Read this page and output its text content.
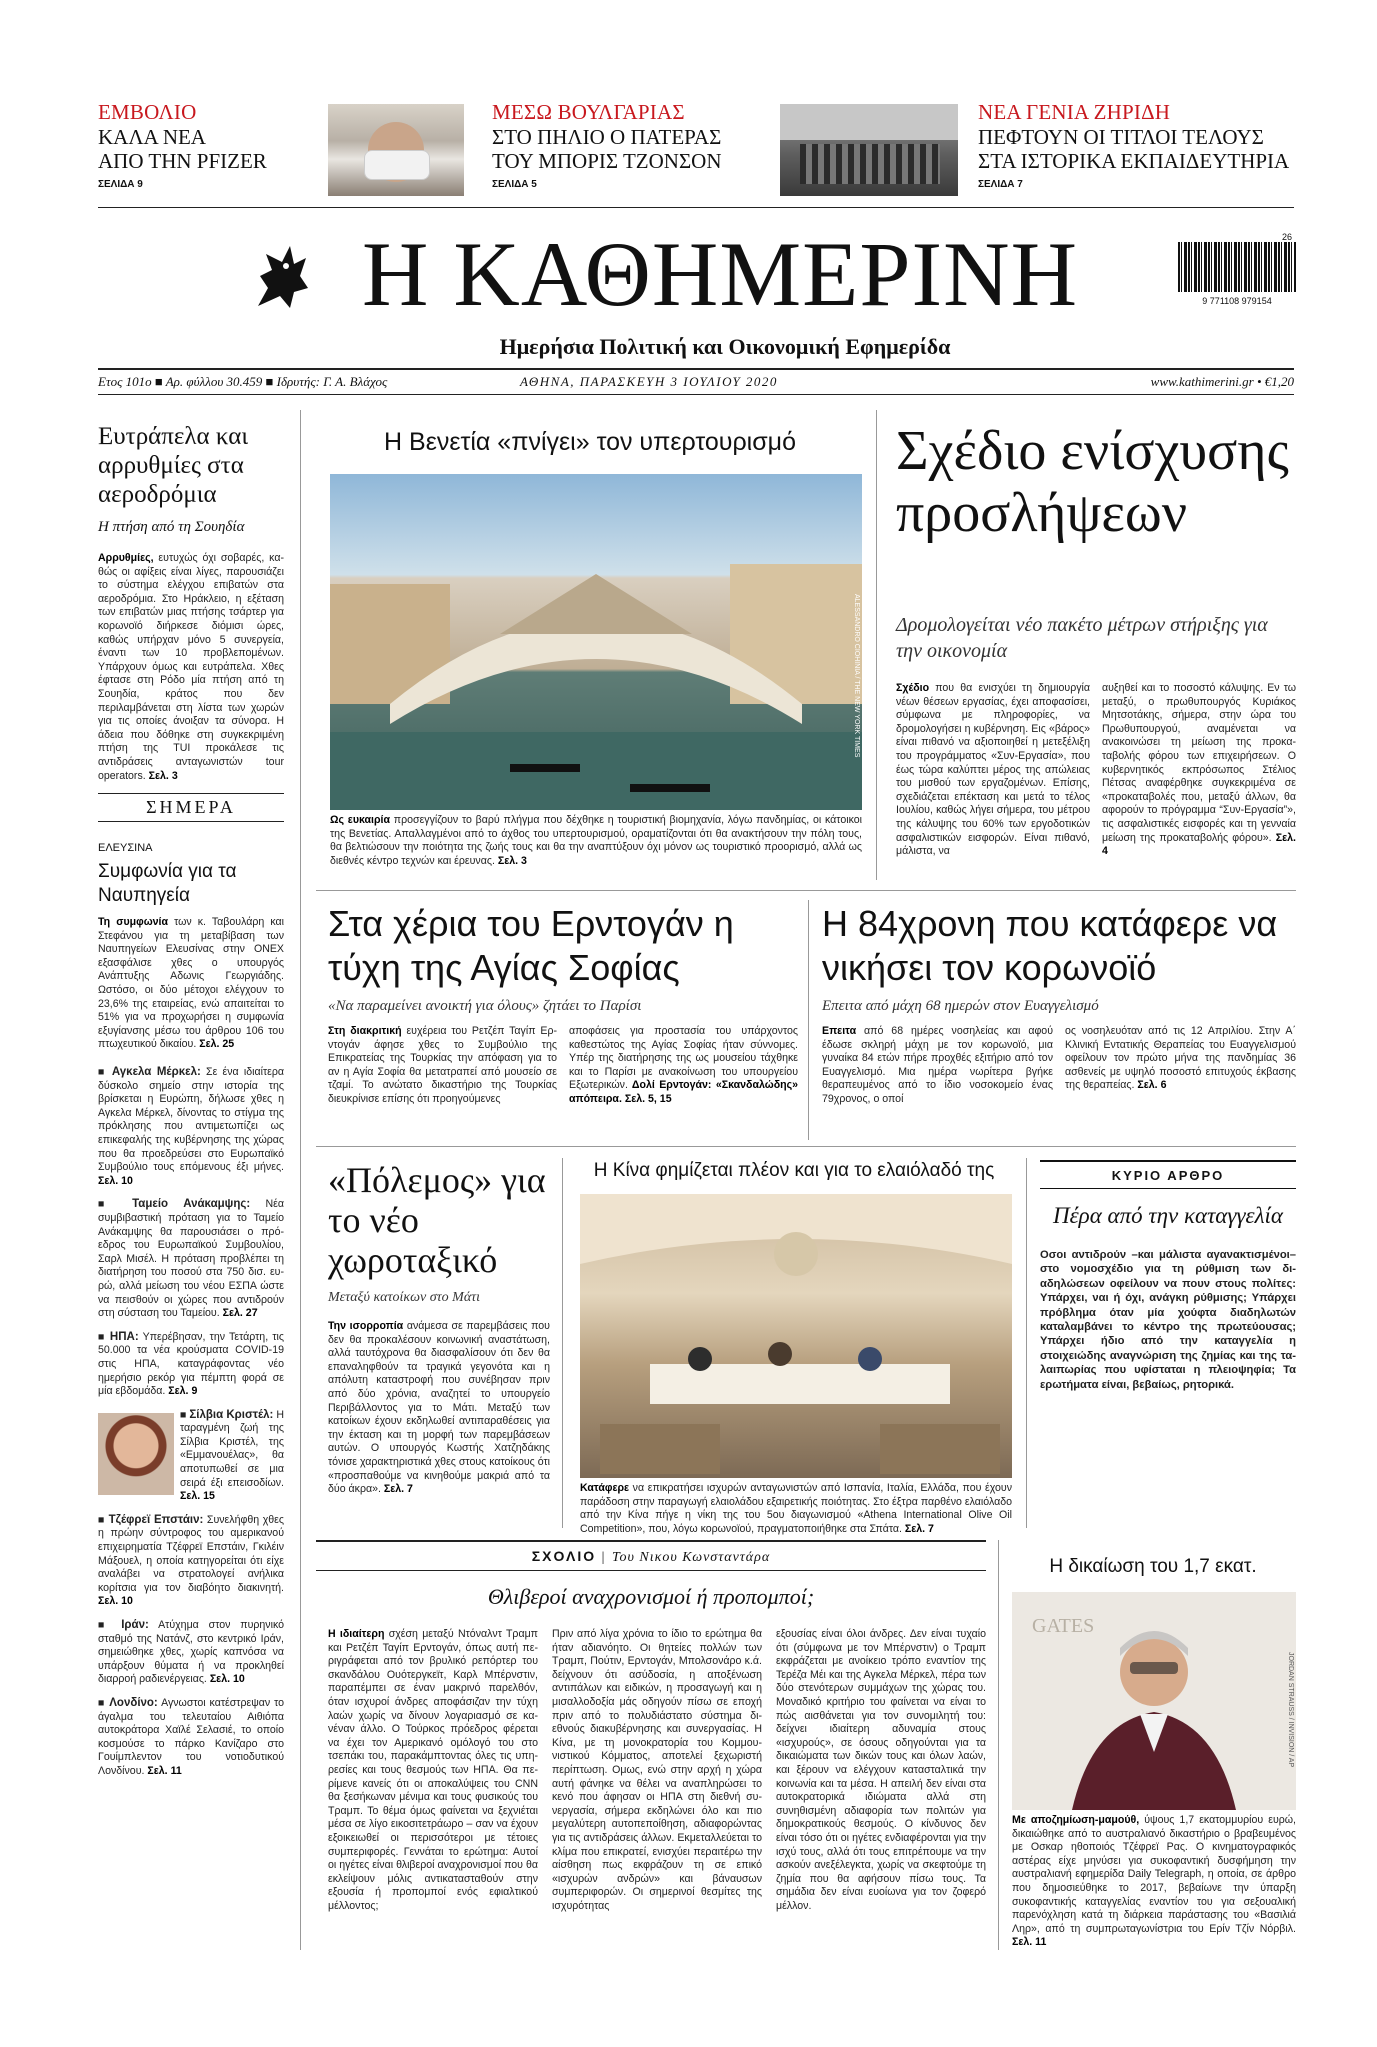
ΕΜΒΟΛΙΟ
ΚΑΛΑ ΝΕΑ
ΑΠΟ ΤΗΝ PFIZER
ΣΕΛΙΔΑ 9
ΜΕΣΩ ΒΟΥΛΓΑΡΙΑΣ
ΣΤΟ ΠΗΛΙΟ Ο ΠΑΤΕΡΑΣ
ΤΟΥ ΜΠΟΡΙΣ ΤΖΟΝΣΟΝ
ΣΕΛΙΔΑ 5
ΝΕΑ ΓΕΝΙΑ ΖΗΡΙΔΗ
ΠΕΦΤΟΥΝ ΟΙ ΤΙΤΛΟΙ ΤΕΛΟΥΣ
ΣΤΑ ΙΣΤΟΡΙΚΑ ΕΚΠΑΙΔΕΥΤΗΡΙΑ
ΣΕΛΙΔΑ 7
Η ΚΑΘΗΜΕΡΙΝΗ
Ημερήσια Πολιτική και Οικονομική Εφημερίδα
26
9 771108 979154
Ετος 101ο ■ Αρ. φύλλου 30.459 ■ Ιδρυτής: Γ. Α. Βλάχος	ΑΘΗΝΑ, ΠΑΡΑΣΚΕΥΗ 3 ΙΟΥΛΙΟΥ 2020	www.kathimerini.gr • €1,20
Ευτράπελα και αρρυθμίες στα αεροδρόμια
Η πτήση από τη Σουηδία
Αρρυθμίες, ευτυχώς όχι σοβαρές, καθώς οι αφίξεις είναι λίγες, παρουσιάζει το σύστημα ελέγχου επιβατών στα αεροδρόμια. Στο Ηράκλειο, η εξέταση των επιβατών μιας πτήσης τσάρτερ για κορωνοϊό διήρκεσε διόμισι ώρες, καθώς υπήρχαν μόνο 5 συνεργεία, έναντι των 10 προβλεπομένων. Υπάρχουν όμως και ευτράπελα. Χθες έφτασε στη Ρόδο μία πτήση από τη Σουηδία, κράτος που δεν περιλαμβάνεται στη λίστα των χωρών για τις οποίες άνοιξαν τα σύνορα. Η άδεια που δόθηκε στη συγκεκριμένη πτήση της TUI προκάλεσε τις αντιδράσεις ανταγωνιστών tour operators. Σελ. 3
ΣΗΜΕΡΑ
ΕΛΕΥΣΙΝΑ
Συμφωνία για τα Ναυπηγεία
Τη συμφωνία των κ. Ταβουλάρη και Στεφάνου για τη μεταβίβαση των Ναυπηγείων Ελευσίνας στην ONEX εξασφάλισε χθες ο υπουργός Ανάπτυξης Αδωνις Γεωργιάδης. Ωστόσο, οι δύο μέτοχοι ελέγχουν το 23,6% της εταιρείας, ενώ απαιτείται το 51% για να προχωρήσει η συμφωνία εξυγίανσης μέσω του άρθρου 106 του πτωχευτικού δικαίου. Σελ. 25
■ Αγκελα Μέρκελ: Σε ένα ιδιαίτερα δύσκολο σημείο στην ιστορία της βρίσκεται η Ευρώπη, δήλωσε χθες η Αγκελα Μέρκελ, δίνοντας το στίγμα της πρόκλησης που αντιμετωπίζει ως επικεφαλής της κυβέρνησης της χώρας που θα προεδρεύσει στο Ευρωπαϊκό Συμβούλιο τους επόμενους έξι μήνες. Σελ. 10
■ Ταμείο Ανάκαμψης: Νέα συμβιβαστική πρόταση για το Ταμείο Ανάκαμψης θα παρουσιάσει ο πρόεδρος του Ευρωπαϊκού Συμβουλίου, Σαρλ Μισέλ. Η πρόταση προβλέπει τη διατήρηση του ποσού στα 750 δισ. ευρώ, αλλά μείωση του νέου ΕΣΠΑ ώστε να πεισθούν οι χώρες που αντιδρούν στη σύσταση του Ταμείου. Σελ. 27
■ ΗΠΑ: Υπερέβησαν, την Τετάρτη, τις 50.000 τα νέα κρούσματα COVID-19 στις ΗΠΑ, καταγράφοντας νέο ημερήσιο ρεκόρ για πέμπτη φορά σε μία εβδομάδα. Σελ. 9
■ Σίλβια Κριστέλ: Η ταραγμένη ζωή της Σίλβια Κριστέλ, της «Εμμανουέλας», θα αποτυπωθεί σε μια σειρά έξι επεισοδίων. Σελ. 15
■ Τζέφρεϊ Επστάιν: Συνελήφθη χθες η πρώην σύντροφος του αμερικανού επιχειρηματία Τζέφρεϊ Επστάιν, Γκιλέιν Μάξουελ, η οποία κατηγορείται ότι είχε αναλάβει να στρατολογεί ανήλικα κορίτσια για τον διαβόητο διακινητή. Σελ. 10
■ Ιράν: Ατύχημα στον πυρηνικό σταθμό της Νατάνζ, στο κεντρικό Ιράν, σημειώθηκε χθες, χωρίς καπνόσα να υπάρξουν θύματα ή να προκληθεί διαρροή ραδιενέργειας. Σελ. 10
■ Λονδίνο: Αγνωστοι κατέστρεψαν το άγαλμα του τελευταίου Αιθιόπα αυτοκράτορα Χαϊλέ Σελασιέ, το οποίο κοσμούσε το πάρκο Κανίζαρο στο Γουίμπλεντον του νοτιοδυτικού Λονδίνου. Σελ. 11
Η Βενετία «πνίγει» τον υπερτουρισμό
ALESSANDRO CIOHINIA / THE NEW YORK TIMES
Ως ευκαιρία προσεγγίζουν το βαρύ πλήγμα που δέχθηκε η τουριστική βιομηχανία, λόγω πανδημίας, οι κάτοικοι της Βενετίας. Απαλλαγμένοι από το άχθος του υπερτουρισμού, οραματίζονται ότι θα ανακτήσουν την πόλη τους, θα βελτιώσουν την ποιότητα της ζωής τους και θα την αναπτύξουν όχι μόνον ως τουριστικό προορισμό, αλλά ως διεθνές κέντρο τεχνών και έρευνας. Σελ. 3
Σχέδιο ενίσχυσης προσλήψεων
Δρομολογείται νέο πακέτο μέτρων στήριξης για την οικονομία
Σχέδιο που θα ενισχύει τη δημιουργία νέων θέσεων εργασίας, έχει αποφασίσει, σύμφωνα με πληροφορίες, να δρομολογήσει η κυβέρνηση. Εις «βάρος» είναι πιθανό να αξιοποιηθεί η μετεξέλιξη του προγράμματος «Συν-Εργασία», που έως τώρα καλύπτει μέρος της απώλειας του μισθού των εργαζομένων. Επίσης, σχεδιάζεται επέκταση και μετά το τέλος Ιουλίου, καθώς λήγει σήμερα, του μέτρου της κάλυψης του 60% των εργοδοτικών ασφαλιστικών εισφορών. Είναι πιθανό, μάλιστα, να
αυξηθεί και το ποσοστό κάλυψης. Εν τω μεταξύ, ο πρωθυπουργός Κυριάκος Μητσοτάκης, σήμερα, στην ώρα του Πρωθυπουργού, αναμένεται να ανακοινώσει τη μείωση της προκαταβολής φόρου των επιχειρήσεων. Ο κυβερνητικός εκπρόσωπος Στέλιος Πέτσας αναφέρθηκε συγκεκριμένα σε «προκαταβολές που, μεταξύ άλλων, θα αφορούν το πρόγραμμα “Συν-Εργασία”», τις ασφαλιστικές εισφορές και τη γενναία μείωση της προκαταβολής φόρου». Σελ. 4
Στα χέρια του Ερντογάν η τύχη της Αγίας Σοφίας
«Να παραμείνει ανοικτή για όλους» ζητάει το Παρίσι
Στη διακριτική ευχέρεια του Ρετζέπ Ταγίπ Ερντογάν άφησε χθες το Συμβούλιο της Επικρατείας της Τουρκίας την απόφαση για το αν η Αγία Σοφία θα μετατραπεί από μουσείο σε τζαμί. Το ανώτατο δικαστήριο της Τουρκίας διευκρίνισε επίσης ότι προηγούμενες
αποφάσεις για προστασία του υπάρχοντος καθεστώτος της Αγίας Σοφίας ήταν σύννομες. Υπέρ της διατήρησης της ως μουσείου τάχθηκε και το Παρίσι με ανακοίνωση του υπουργείου Εξωτερικών. Δολί Ερντογάν: «Σκανδαλώδης» απόπειρα. Σελ. 5, 15
Η 84χρονη που κατάφερε να νικήσει τον κορωνοϊό
Επειτα από μάχη 68 ημερών στον Ευαγγελισμό
Επειτα από 68 ημέρες νοσηλείας και αφού έδωσε σκληρή μάχη με τον κορωνοϊό, μια γυναίκα 84 ετών πήρε προχθές εξιτήριο από τον Ευαγγελισμό. Μια ημέρα νωρίτερα βγήκε θεραπευμένος από το ίδιο νοσοκομείο ένας 79χρονος, ο οποί
ος νοσηλευόταν από τις 12 Απριλίου. Στην Α΄ Κλινική Εντατικής Θεραπείας του Ευαγγελισμού οφείλουν τον πρώτο μήνα της πανδημίας 36 ασθενείς με υψηλό ποσοστό επιτυχούς έκβασης της θεραπείας. Σελ. 6
«Πόλεμος» για το νέο χωροταξικό
Μεταξύ κατοίκων στο Μάτι
Την ισορροπία ανάμεσα σε παρεμβάσεις που δεν θα προκαλέσουν κοινωνική αναστάτωση, αλλά ταυτόχρονα θα διασφαλίσουν ότι δεν θα επαναληφθούν τα τραγικά γεγονότα και η απόλυτη καταστροφή που συνέβησαν πριν από δύο χρόνια, αναζητεί το υπουργείο Περιβάλλοντος για το Μάτι. Μεταξύ των κατοίκων έχουν εκδηλωθεί αντιπαραθέσεις για την έκταση και τη μορφή των παρεμβάσεων αυτών. Ο υπουργός Κωστής Χατζηδάκης τόνισε χαρακτηριστικά χθες στους κατοίκους ότι «προσπαθούμε να κινηθούμε μακριά από τα δύο άκρα». Σελ. 7
Η Κίνα φημίζεται πλέον και για το ελαιόλαδό της
Κατάφερε να επικρατήσει ισχυρών ανταγωνιστών από Ισπανία, Ιταλία, Ελλάδα, που έχουν παράδοση στην παραγωγή ελαιολάδου εξαιρετικής ποιότητας. Στο έξτρα παρθένο ελαιόλαδο από την Κίνα πήγε η νίκη της του 5ου διαγωνισμού «Athena International Olive Oil Competition», που, λόγω κορωνοϊού, πραγματοποιήθηκε στα Σπάτα. Σελ. 7
ΚΥΡΙΟ ΑΡΘΡΟ
Πέρα από την καταγγελία
Οσοι αντιδρούν –και μάλιστα αγανακτισμένοι– στο νομοσχέδιο για τη ρύθμιση των διαδηλώσεων οφείλουν να πουν στους πολίτες: Υπάρχει, ναι ή όχι, ανάγκη ρύθμισης; Υπάρχει πρόβλημα όταν μία χούφτα διαδηλωτών καταλαμβάνει το κέντρο της πρωτεύουσας; Υπάρχει ήδιο από την καταγγελία η στοιχειώδης αναγνώριση της ζημίας και της ταλαιπωρίας που υφίσταται η πλειοψηφία; Τα ερωτήματα είναι, βεβαίως, ρητορικά.
ΣΧΟΛΙΟ | Του Νικου Κωνσταντάρα
Θλιβεροί αναχρονισμοί ή προπομποί;
Η ιδιαίτερη σχέση μεταξύ Ντόναλντ Τραμπ και Ρετζέπ Ταγίπ Ερντογάν, όπως αυτή περιγράφεται από τον βρυλικό ρεπόρτερ του σκανδάλου Ουότεργκεϊτ, Καρλ Μπέρνστιν, παραπέμπει σε έναν μακρινό παρελθόν, όταν ισχυροί άνδρες αποφάσιζαν την τύχη λαών χωρίς να δίνουν λογαριασμό σε κανέναν άλλο. Ο Τούρκος πρόεδρος φέρεται να έχει τον Αμερικανό ομόλογό του στο τσεπάκι του, παρακάμπτοντας όλες τις υπηρεσίες και τους θεσμούς των ΗΠΑ. Θα περίμενε κανείς ότι οι αποκαλύψεις του CNN θα ξεσήκωναν μένιμα και τους φυσικούς του Τραμπ. Το θέμα όμως φαίνεται να ξεχνιέται μέσα σε λίγο εικοσιτετράωρο – σαν να έχουν εξοικειωθεί οι περισσότεροι με τέτοιες συμπεριφορές. Γεννάται το ερώτημα: Αυτοί οι ηγέτες είναι θλιβεροί αναχρονισμοί που θα εκλείψουν μόλις αντικατασταθούν στην εξουσία ή προπομποί ενός εφιαλτικού μέλλοντος;
Πριν από λίγα χρόνια το ίδιο το ερώτημα θα ήταν αδιανόητο. Οι θητείες πολλών των Τραμπ, Πούτιν, Ερντογάν, Μπολσονάρο κ.ά. δείχνουν ότι ασύδοσία, η αποξένωση αντιπάλων και ειδικών, η προσαγωγή και η μισαλλοδοξία μάς οδηγούν πίσω σε εποχή πριν από το πολυδιάστατο σύστημα διεθνούς διακυβέρνησης και συνεργασίας. Η Κίνα, με τη μονοκρατορία του Κομμουνιστικού Κόμματος, αποτελεί ξεχωριστή περίπτωση. Ομως, ενώ στην αρχή η χώρα αυτή φάνηκε να θέλει να αναπληρώσει το κενό που άφησαν οι ΗΠΑ στη διεθνή συνεργασία, σήμερα εκδηλώνει όλο και πιο μεγαλύτερη αυτοπεποίθηση, αδιαφορώντας για τις αντιδράσεις άλλων. Εκμεταλλεύεται το κλίμα που επικρατεί, ενισχύει περαιτέρω την αίσθηση πως εκφράζουν τη σε επικό «ισχυρών ανδρών» και βάναυσων συμπεριφορών. Οι σημερινοί θεσμίτες της ισχυρότητας
εξουσίας είναι όλοι άνδρες. Δεν είναι τυχαίο ότι (σύμφωνα με τον Μπέρνστιν) ο Τραμπ εκφράζεται με ανοίκειο τρόπο εναντίον της Τερέζα Μέι και της Αγκελα Μέρκελ, πέρα των δύο στενότερων συμμάχων της χώρας του. Μοναδικό κριτήριο του φαίνεται να είναι το πώς αισθάνεται για τον συνομιλητή του: δείχνει ιδιαίτερη αδυναμία στους «ισχυρούς», σε όσους οδηγούνται για τα δικαιώματα των δικών τους και όλων λαών, και ξέρουν να ελέγχουν κατασταλτικά την κοινωνία και τα μέσα. Η απειλή δεν είναι στα αυτοκρατορικά ιδιώματα αλλά στη συνηθισμένη αδιαφορία των πολιτών για δημοκρατικούς θεσμούς. Ο κίνδυνος δεν είναι τόσο ότι οι ηγέτες ενδιαφέρονται για την ισχύ τους, αλλά ότι τους επιτρέπουμε να την ασκούν ανεξέλεγκτα, χωρίς να σκεφτούμε τη ζημία που θα αφήσουν πίσω τους. Τα σημάδια δεν είναι ευοίωνα για τον ζοφερό μέλλον.
Η δικαίωση του 1,7 εκατ.
GATES
JORDAN STRAUSS / INVISION / AP
Με αποζημίωση-μαμούθ, ύψους 1,7 εκατομμυρίου ευρώ, δικαιώθηκε από το αυστραλιανό δικαστήριο ο βραβευμένος με Οσκαρ ηθοποιός Τζέφρεϊ Ρας. Ο κινηματογραφικός αστέρας είχε μηνύσει για συκοφαντική δυσφήμηση την αυστραλιανή εφημερίδα Daily Telegraph, η οποία, σε άρθρο που δημοσιεύθηκε το 2017, βεβαίωνε την ύπαρξη συκοφαντικής καταγγελίας εναντίον του για σεξουαλική παρενόχληση κατά τη διάρκεια παράστασης του «Βασιλιά Ληρ», από τη συμπρωταγωνίστρια του Ερίν Τζίν Νόρβιλ. Σελ. 11
